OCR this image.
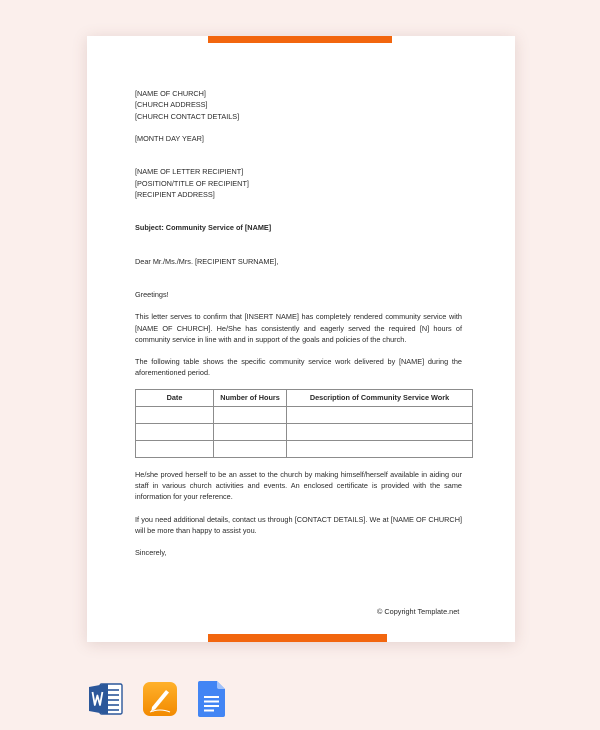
[NAME OF CHURCH]

[CHURCH ADDRESS]

[CHURCH CONTACT DETAILS]

[MONTH DAY YEAR]

[NAME OF LETTER RECIPIENT]

[POSITION/TITLE OF RECIPIENT]

[RECIPIENT ADDRESS]

Subject: Community Service of [NAME]

Dear Mr./Ms./Mrs. [RECIPIENT SURNAME],

Greetings!

This letter serves to confirm that [INSERT NAME] has completely rendered community service with [NAME OF CHURCH]. He/She has consistently and eagerly served the required [N] hours of community service in line with and in support of the goals and policies of the church.

The following table shows the specific community service work delivered by [NAME] during the aforementioned period.

Date	Number of Hours	Description of Community Service Work

He/she proved herself to be an asset to the church by making himself/herself available in aiding our staff in various church activities and events. An enclosed certificate is provided with the same information for your reference.

If you need additional details, contact us through [CONTACT DETAILS]. We at [NAME OF CHURCH] will be more than happy to assist you.

Sincerely,

© Copyright Template.net
